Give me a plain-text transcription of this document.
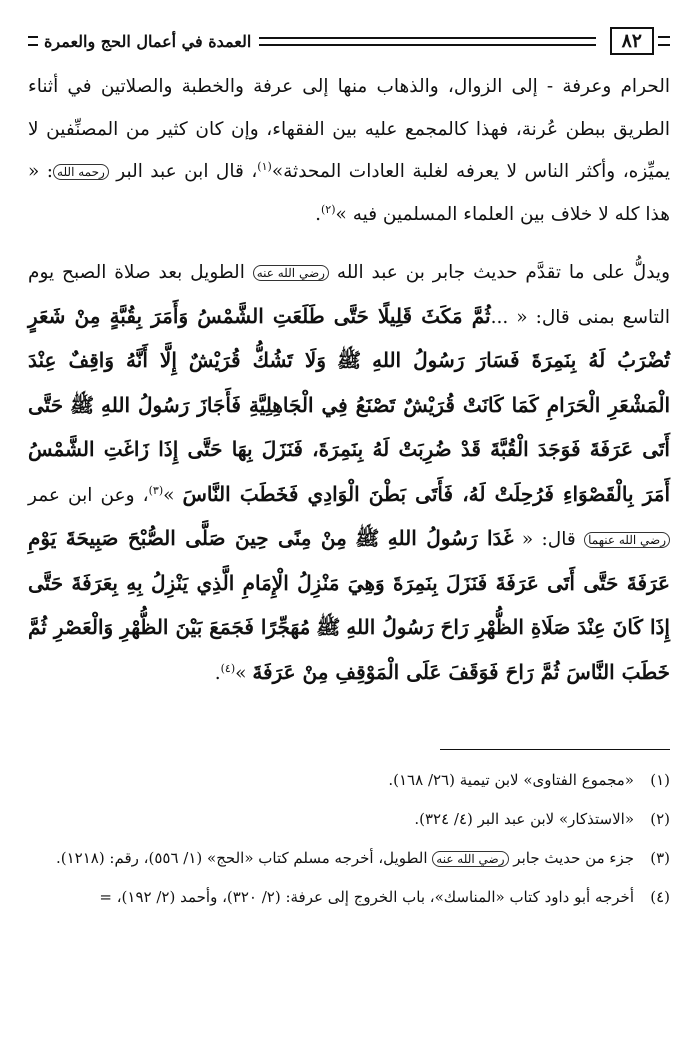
٨٢
العمدة في أعمال الحج والعمرة

الحرام وعرفة - إلى الزوال، والذهاب منها إلى عرفة والخطبة والصلاتين في أثناء الطريق ببطن عُرنة، فهذا كالمجمع عليه بين الفقهاء، وإن كان كثير من المصنِّفين لا يميِّزه، وأكثر الناس لا يعرفه لغلبة العادات المحدثة»$^{(١)}$، قال ابن عبد البر رحمه الله: « هذا كله لا خلاف بين العلماء المسلمين فيه »$^{(٢)}$.

ويدلُّ على ما تقدَّم حديث جابر بن عبد الله رضي الله عنه الطويل بعد صلاة الصبح يوم التاسع بمنى قال: « ...ثُمَّ مَكَثَ قَلِيلًا حَتَّى طَلَعَتِ الشَّمْسُ وَأَمَرَ بِقُبَّةٍ مِنْ شَعَرٍ تُضْرَبُ لَهُ بِنَمِرَةَ فَسَارَ رَسُولُ اللهِ ﷺ وَلَا تَشُكُّ قُرَيْشٌ إِلَّا أَنَّهُ وَاقِفٌ عِنْدَ الْمَشْعَرِ الْحَرَامِ كَمَا كَانَتْ قُرَيْشٌ تَصْنَعُ فِي الْجَاهِلِيَّةِ فَأَجَازَ رَسُولُ اللهِ ﷺ حَتَّى أَتَى عَرَفَةَ فَوَجَدَ الْقُبَّةَ قَدْ ضُرِبَتْ لَهُ بِنَمِرَةَ، فَنَزَلَ بِهَا حَتَّى إِذَا زَاغَتِ الشَّمْسُ أَمَرَ بِالْقَصْوَاءِ فَرُحِلَتْ لَهُ، فَأَتَى بَطْنَ الْوَادِي فَخَطَبَ النَّاسَ »$^{(٣)}$، وعن ابن عمر رضي الله عنهما قال: « غَدَا رَسُولُ اللهِ ﷺ مِنْ مِنًى حِينَ صَلَّى الصُّبْحَ صَبِيحَةَ يَوْمِ عَرَفَةَ حَتَّى أَتَى عَرَفَةَ فَنَزَلَ بِنَمِرَةَ وَهِيَ مَنْزِلُ الْإِمَامِ الَّذِي يَنْزِلُ بِهِ بِعَرَفَةَ حَتَّى إِذَا كَانَ عِنْدَ صَلَاةِ الظُّهْرِ رَاحَ رَسُولُ اللهِ ﷺ مُهَجِّرًا فَجَمَعَ بَيْنَ الظُّهْرِ وَالْعَصْرِ ثُمَّ خَطَبَ النَّاسَ ثُمَّ رَاحَ فَوَقَفَ عَلَى الْمَوْقِفِ مِنْ عَرَفَةَ »$^{(٤)}$.

(١)
«مجموع الفتاوى» لابن تيمية (٢٦/ ١٦٨).
(٢)
«الاستذكار» لابن عبد البر (٤/ ٣٢٤).
(٣)
جزء من حديث جابر رضي الله عنه الطويل، أخرجه مسلم كتاب «الحج» (١/ ٥٥٦)، رقم: (١٢١٨).
(٤)
أخرجه أبو داود كتاب «المناسك»، باب الخروج إلى عرفة: (٢/ ٣٢٠)، وأحمد (٢/ ١٩٢)، =
